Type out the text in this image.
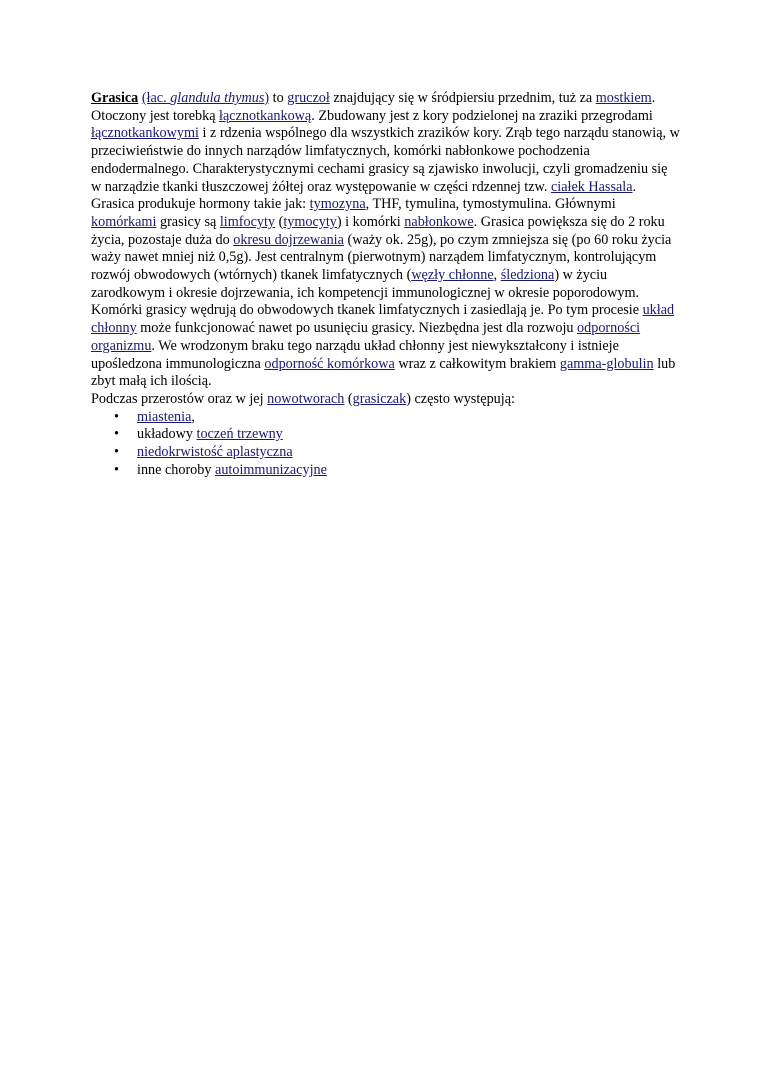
Grasica (łac. glandula thymus) to gruczoł znajdujący się w śródpiersiu przednim, tuż za mostkiem. Otoczony jest torebką łącznotkankową. Zbudowany jest z kory podzielonej na zraziki przegrodami łącznotkankowymi i z rdzenia wspólnego dla wszystkich zrazików kory. Zrąb tego narządu stanowią, w przeciwieństwie do innych narządów limfatycznych, komórki nabłonkowe pochodzenia endodermalnego. Charakterystycznymi cechami grasicy są zjawisko inwolucji, czyli gromadzeniu się w narządzie tkanki tłuszczowej żółtej oraz występowanie w części rdzennej tzw. ciałek Hassala. Grasica produkuje hormony takie jak: tymozyna, THF, tymulina, tymostymulina. Głównymi komórkami grasicy są limfocyty (tymocyty) i komórki nabłonkowe. Grasica powiększa się do 2 roku życia, pozostaje duża do okresu dojrzewania (waży ok. 25g), po czym zmniejsza się (po 60 roku życia waży nawet mniej niż 0,5g). Jest centralnym (pierwotnym) narządem limfatycznym, kontrolującym rozwój obwodowych (wtórnych) tkanek limfatycznych (węzły chłonne, śledziona) w życiu zarodkowym i okresie dojrzewania, ich kompetencji immunologicznej w okresie poporodowym. Komórki grasicy wędrują do obwodowych tkanek limfatycznych i zasiedlają je. Po tym procesie układ chłonny może funkcjonować nawet po usunięciu grasicy. Niezbędna jest dla rozwoju odporności organizmu. We wrodzonym braku tego narządu układ chłonny jest niewykształcony i istnieje upośledzona immunologiczna odporność komórkowa wraz z całkowitym brakiem gamma-globulin lub zbyt małą ich ilością.

Podczas przerostów oraz w jej nowotworach (grasiczak) często występują:

• miastenia,
• układowy toczeń trzewny
• niedokrwistość aplastyczna
• inne choroby autoimmunizacyjne
